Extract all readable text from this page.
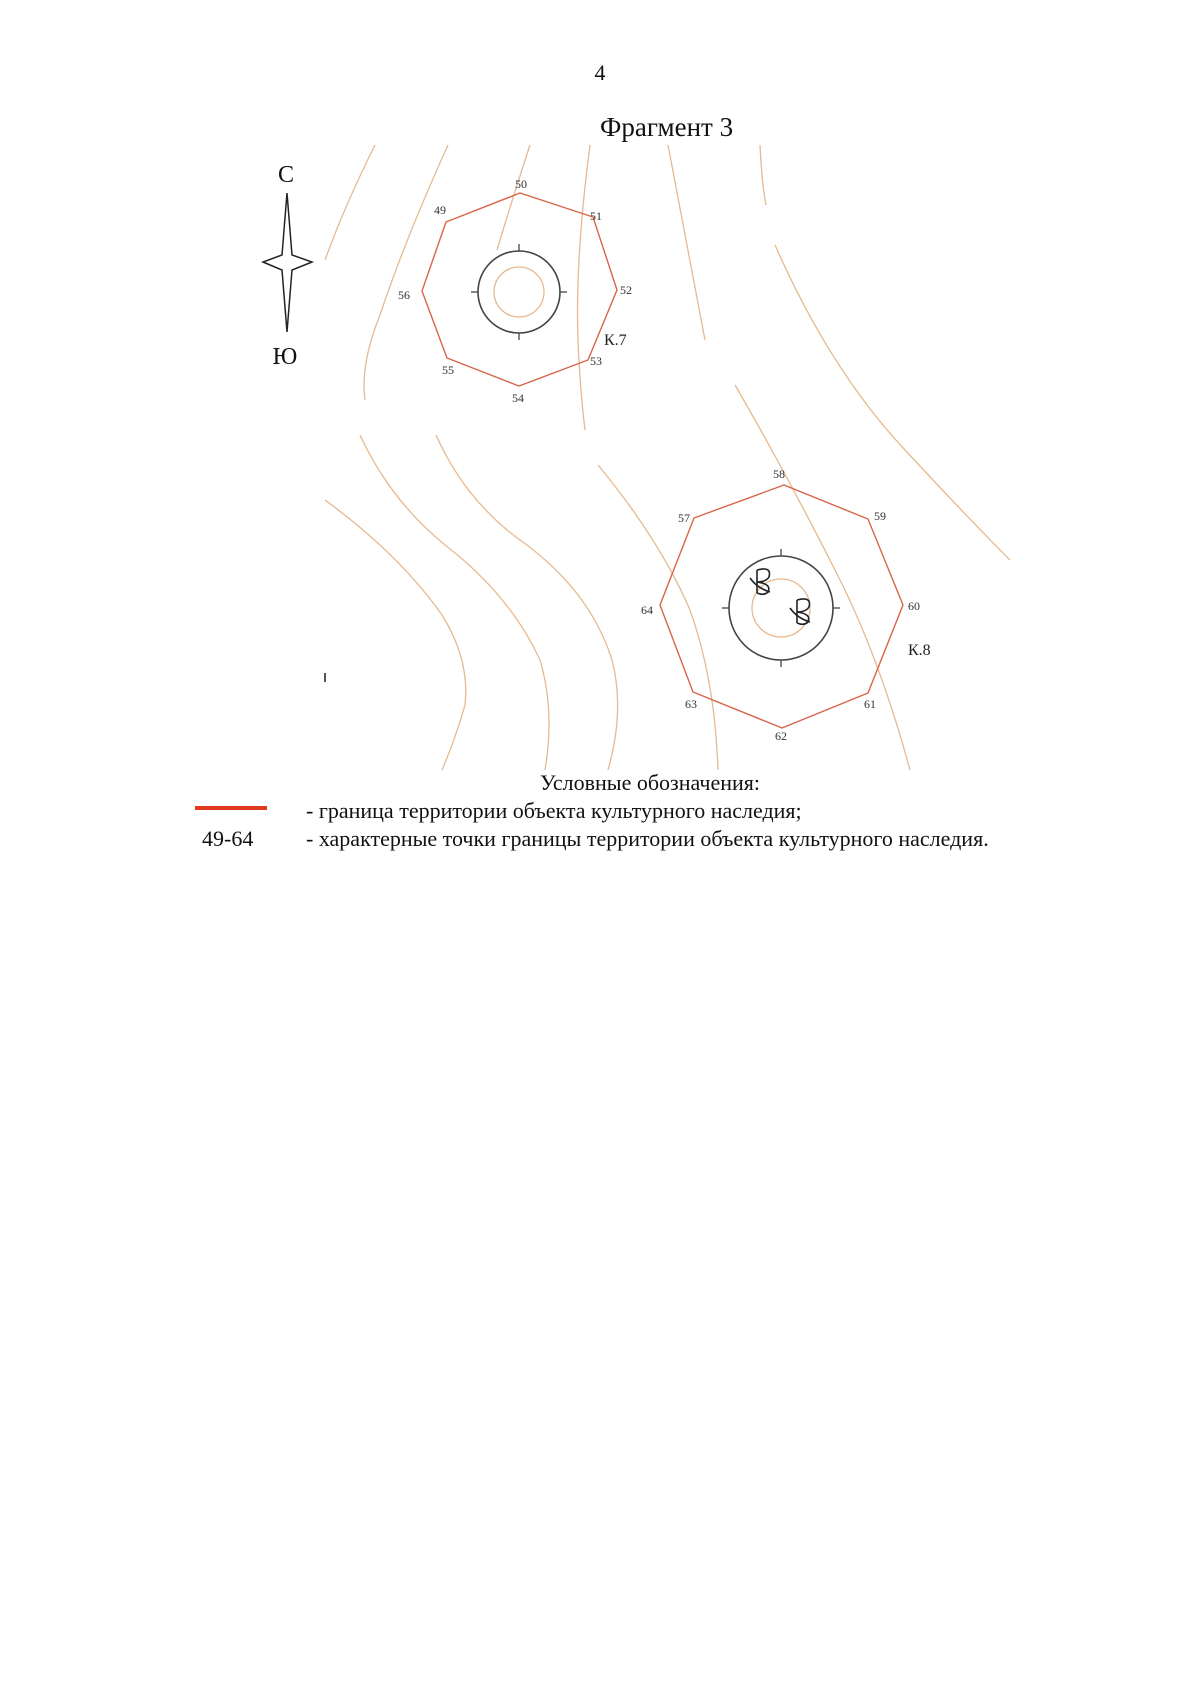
4
Фрагмент 3
С
Ю
49
50
51
52
53
54
55
56
К.7
57
58
59
60
61
62
63
64
К.8
Условные обозначения:
49-64
- граница территории объекта культурного наследия;
- характерные точки границы территории объекта культурного наследия.
